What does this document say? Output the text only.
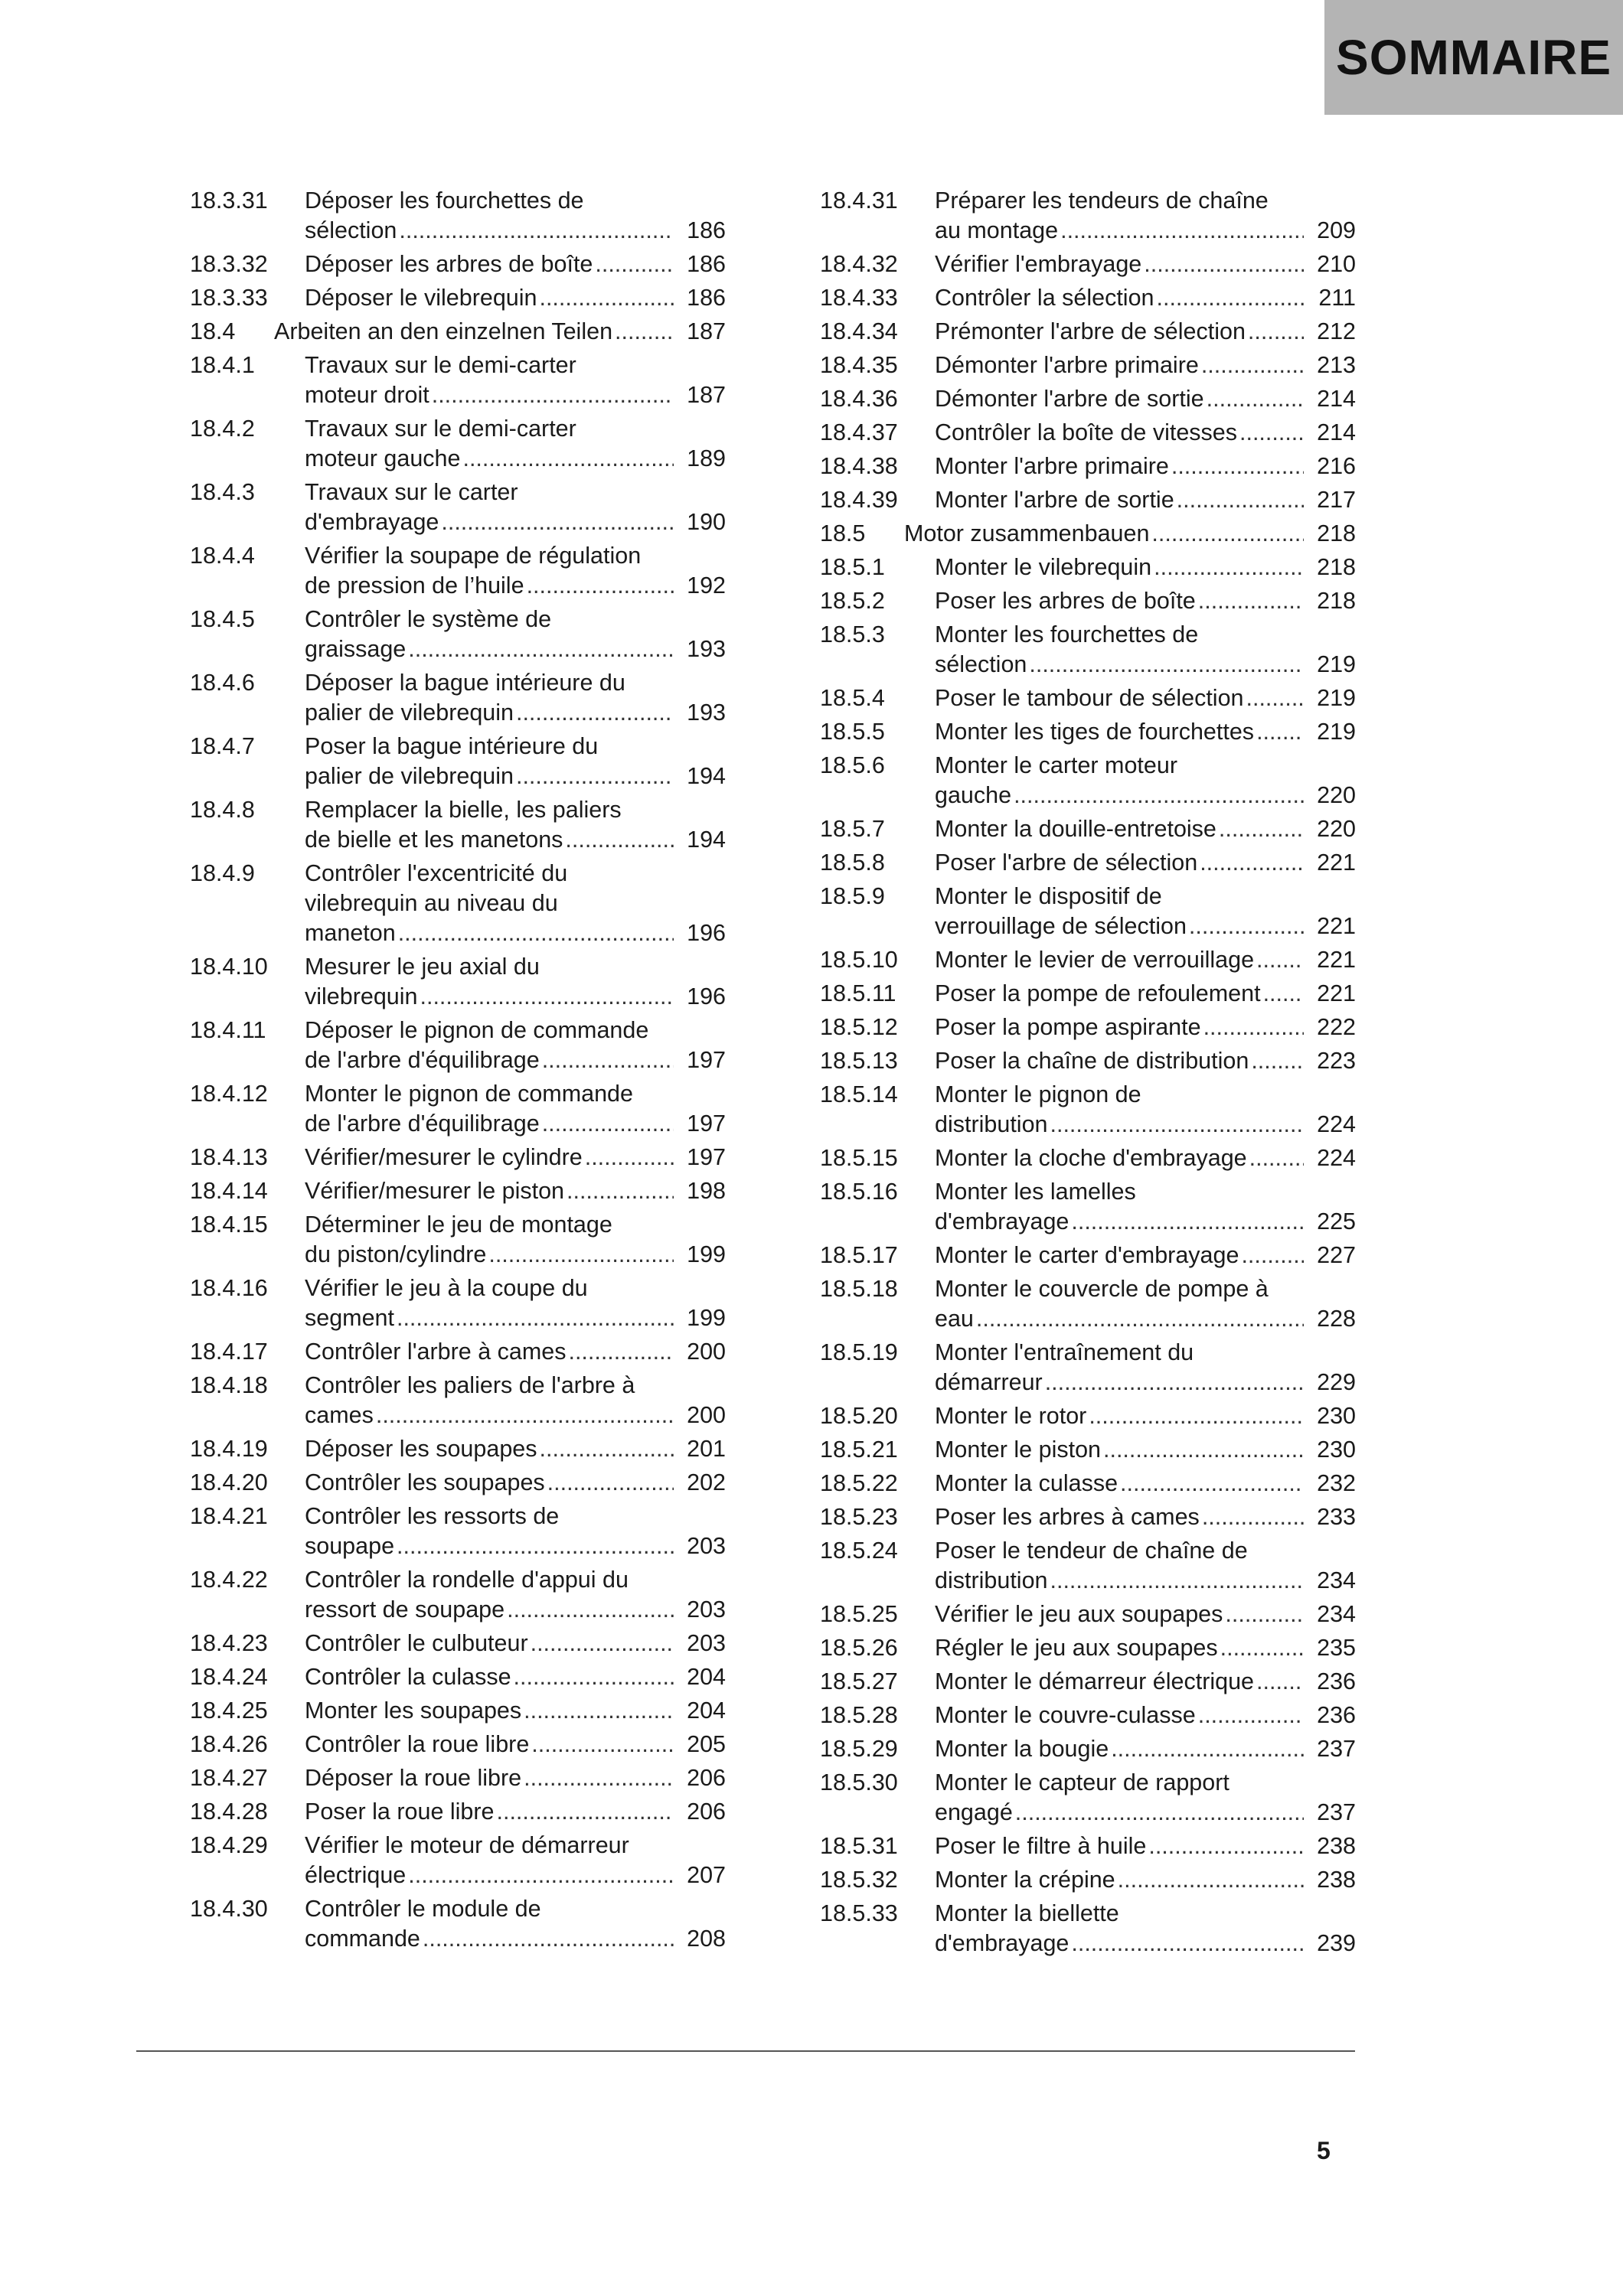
SOMMAIRE
18.3.31	Déposer les fourchettes de
sélection .....	186
18.3.32	Déposer les arbres de boîte .....	186
18.3.33	Déposer le vilebrequin .....	186
18.4	Arbeiten an den einzelnen Teilen .....	187
18.4.1	Travaux sur le demi-carter
moteur droit .....	187
18.4.2	Travaux sur le demi-carter
moteur gauche .....	189
18.4.3	Travaux sur le carter
d'embrayage .....	190
18.4.4	Vérifier la soupape de régulation
de pression de l’huile .....	192
18.4.5	Contrôler le système de
graissage .....	193
18.4.6	Déposer la bague intérieure du
palier de vilebrequin .....	193
18.4.7	Poser la bague intérieure du
palier de vilebrequin .....	194
18.4.8	Remplacer la bielle, les paliers
de bielle et les manetons .....	194
18.4.9	Contrôler l'excentricité du
vilebrequin au niveau du
maneton .....	196
18.4.10	Mesurer le jeu axial du
vilebrequin .....	196
18.4.11	Déposer le pignon de commande
de l'arbre d'équilibrage .....	197
18.4.12	Monter le pignon de commande
de l'arbre d'équilibrage .....	197
18.4.13	Vérifier/mesurer le cylindre .....	197
18.4.14	Vérifier/mesurer le piston .....	198
18.4.15	Déterminer le jeu de montage
du piston/cylindre .....	199
18.4.16	Vérifier le jeu à la coupe du
segment .....	199
18.4.17	Contrôler l'arbre à cames .....	200
18.4.18	Contrôler les paliers de l'arbre à
cames .....	200
18.4.19	Déposer les soupapes .....	201
18.4.20	Contrôler les soupapes .....	202
18.4.21	Contrôler les ressorts de
soupape .....	203
18.4.22	Contrôler la rondelle d'appui du
ressort de soupape .....	203
18.4.23	Contrôler le culbuteur .....	203
18.4.24	Contrôler la culasse .....	204
18.4.25	Monter les soupapes .....	204
18.4.26	Contrôler la roue libre .....	205
18.4.27	Déposer la roue libre .....	206
18.4.28	Poser la roue libre .....	206
18.4.29	Vérifier le moteur de démarreur
électrique .....	207
18.4.30	Contrôler le module de
commande .....	208
18.4.31	Préparer les tendeurs de chaîne
au montage .....	209
18.4.32	Vérifier l'embrayage .....	210
18.4.33	Contrôler la sélection .....	211
18.4.34	Prémonter l'arbre de sélection .....	212
18.4.35	Démonter l'arbre primaire .....	213
18.4.36	Démonter l'arbre de sortie .....	214
18.4.37	Contrôler la boîte de vitesses .....	214
18.4.38	Monter l'arbre primaire .....	216
18.4.39	Monter l'arbre de sortie .....	217
18.5	Motor zusammenbauen .....	218
18.5.1	Monter le vilebrequin .....	218
18.5.2	Poser les arbres de boîte .....	218
18.5.3	Monter les fourchettes de
sélection .....	219
18.5.4	Poser le tambour de sélection .....	219
18.5.5	Monter les tiges de fourchettes .....	219
18.5.6	Monter le carter moteur
gauche .....	220
18.5.7	Monter la douille-entretoise .....	220
18.5.8	Poser l'arbre de sélection .....	221
18.5.9	Monter le dispositif de
verrouillage de sélection .....	221
18.5.10	Monter le levier de verrouillage .....	221
18.5.11	Poser la pompe de refoulement .....	221
18.5.12	Poser la pompe aspirante .....	222
18.5.13	Poser la chaîne de distribution .....	223
18.5.14	Monter le pignon de
distribution .....	224
18.5.15	Monter la cloche d'embrayage .....	224
18.5.16	Monter les lamelles
d'embrayage .....	225
18.5.17	Monter le carter d'embrayage .....	227
18.5.18	Monter le couvercle de pompe à
eau .....	228
18.5.19	Monter l'entraînement du
démarreur .....	229
18.5.20	Monter le rotor .....	230
18.5.21	Monter le piston .....	230
18.5.22	Monter la culasse .....	232
18.5.23	Poser les arbres à cames .....	233
18.5.24	Poser le tendeur de chaîne de
distribution .....	234
18.5.25	Vérifier le jeu aux soupapes .....	234
18.5.26	Régler le jeu aux soupapes .....	235
18.5.27	Monter le démarreur électrique .....	236
18.5.28	Monter le couvre-culasse .....	236
18.5.29	Monter la bougie .....	237
18.5.30	Monter le capteur de rapport
engagé .....	237
18.5.31	Poser le filtre à huile .....	238
18.5.32	Monter la crépine .....	238
18.5.33	Monter la biellette
d'embrayage .....	239
5
